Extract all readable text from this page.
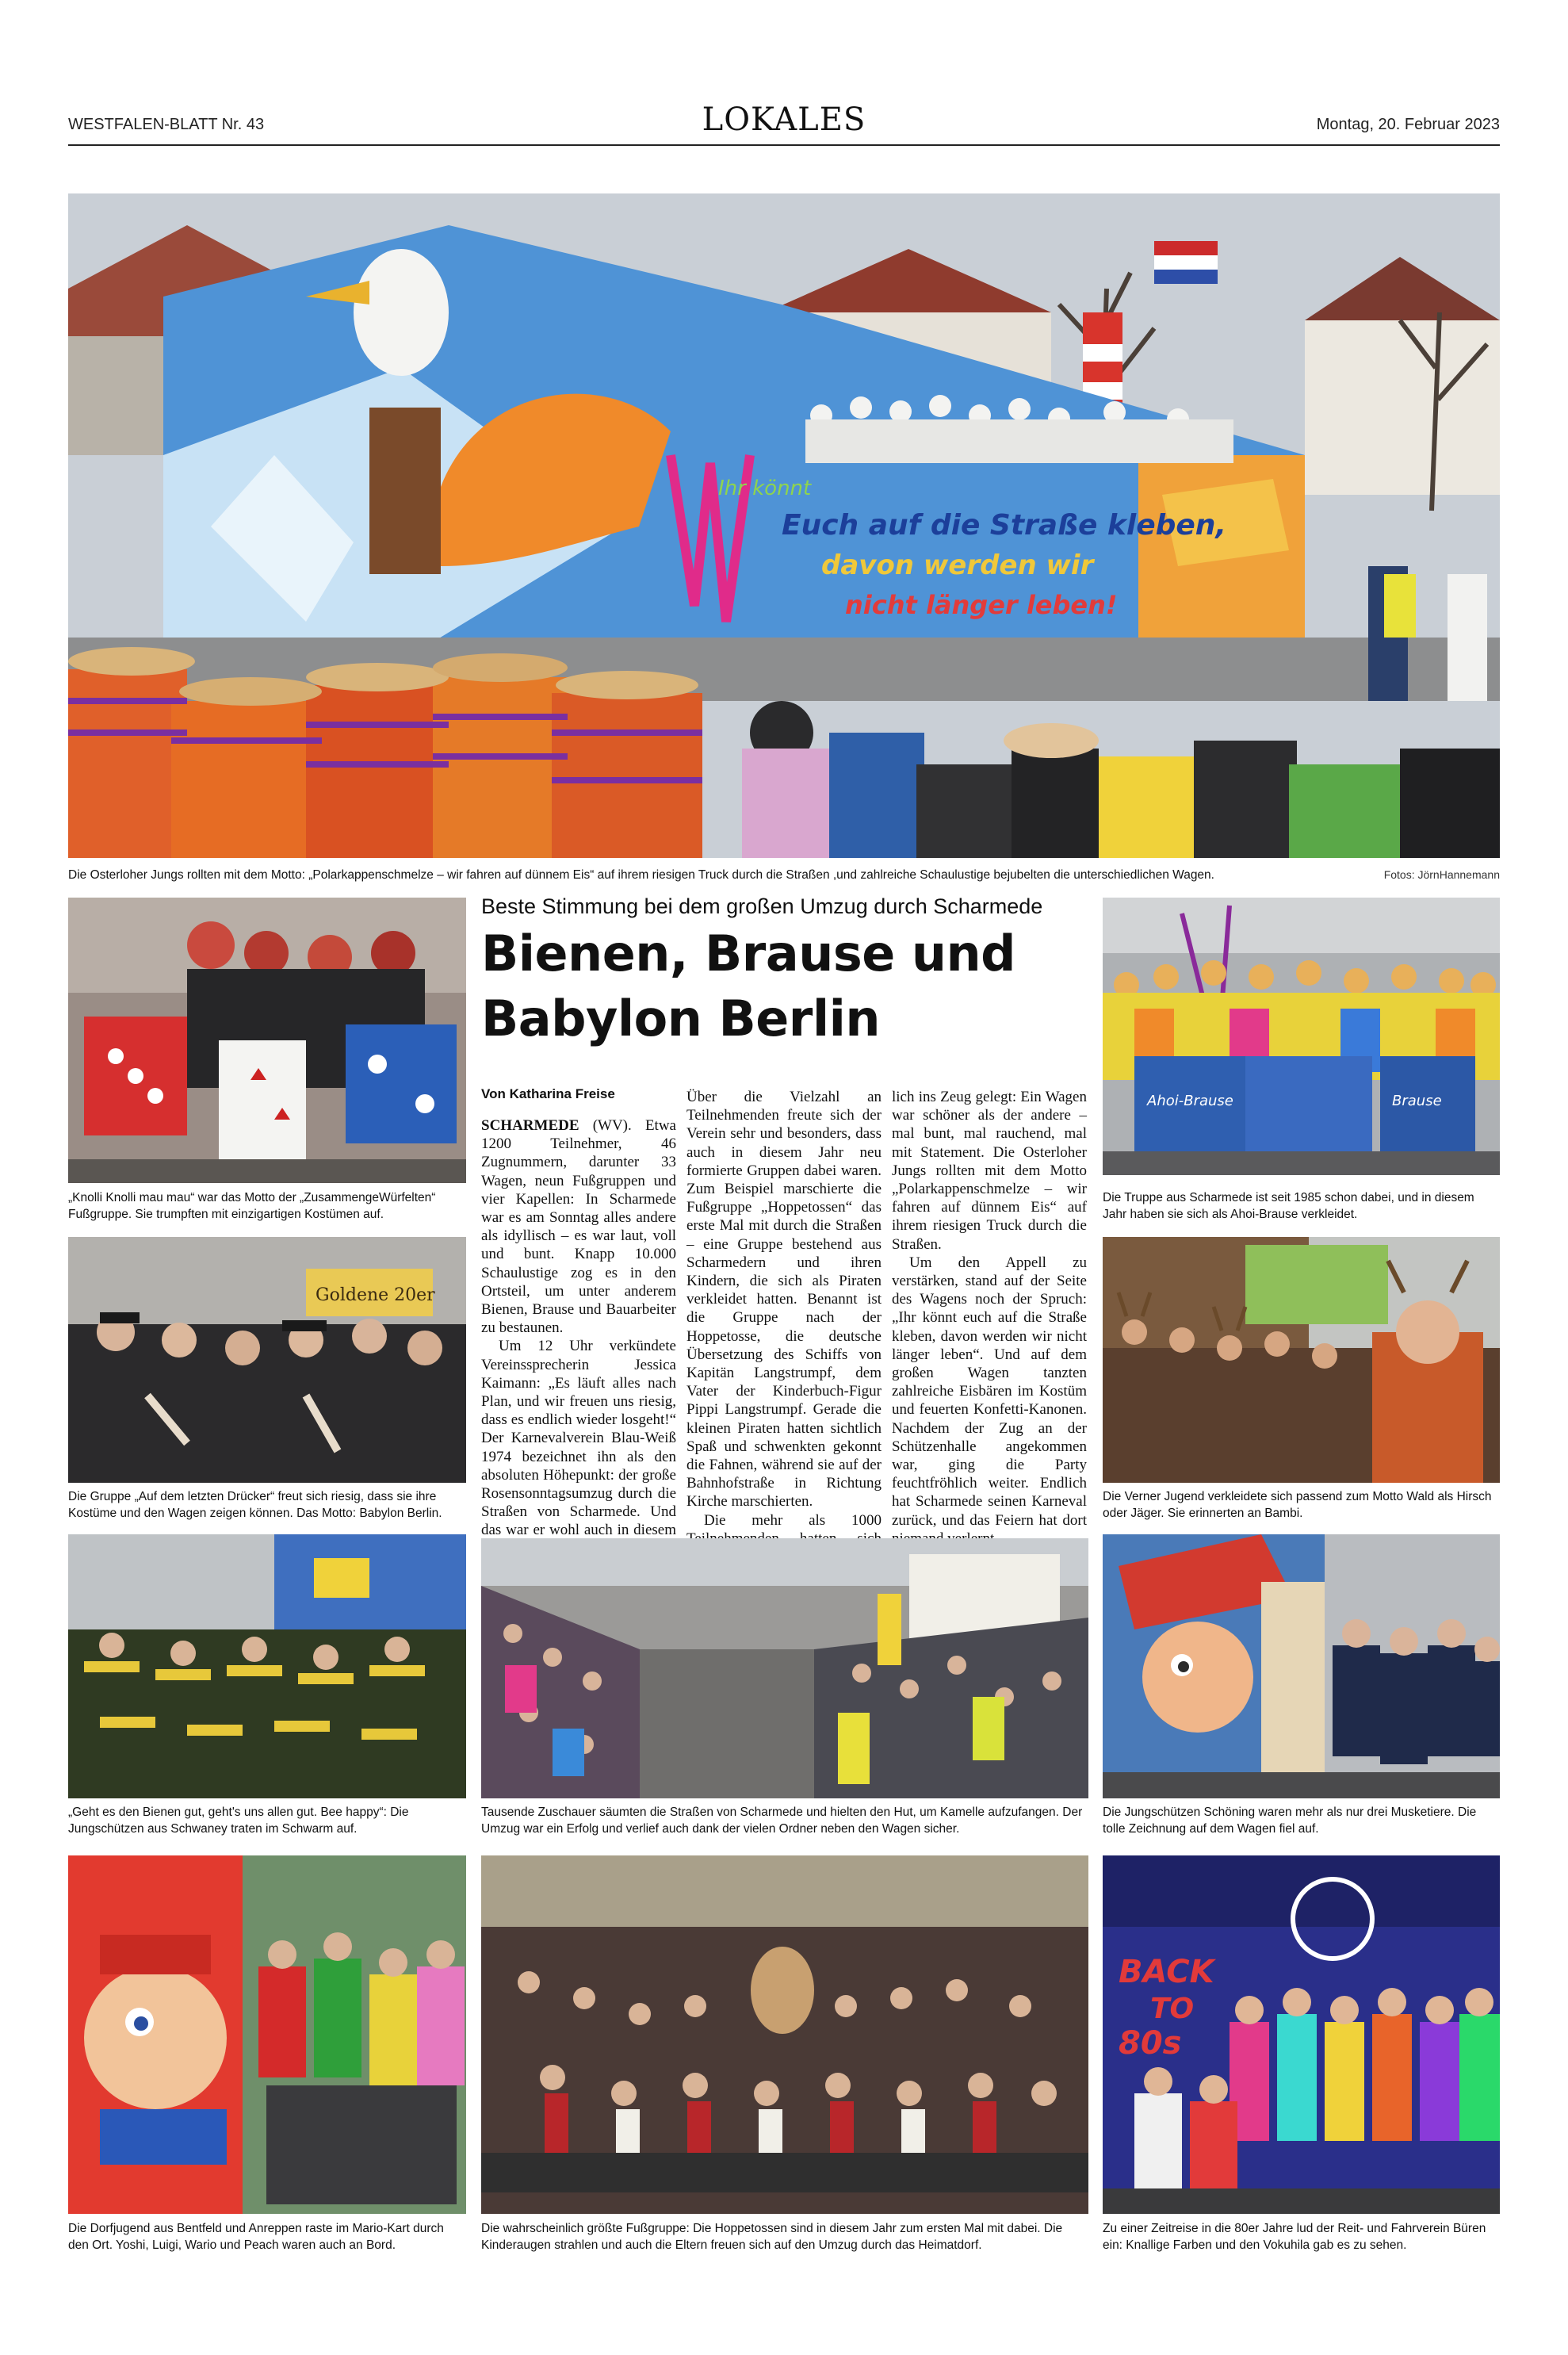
WESTFALEN-BLATT Nr. 43	LOKALES	Montag, 20. Februar 2023
Ihr könnt
Euch auf die Straße kleben,
davon werden wir
nicht länger leben!
Die Osterloher Jungs rollten mit dem Motto: „Polarkappenschmelze – wir fahren auf dünnem Eis“ auf ihrem riesigen Truck durch die Straßen ,und zahlreiche Schaulustige bejubelten die unterschiedlichen Wagen.	Fotos: JörnHannemann
„Knolli Knolli mau mau“ war das Motto der „ZusammengeWürfelten“ Fußgruppe. Sie trumpften mit einzigartigen Kostümen auf.
Goldene 20er
Die Gruppe „Auf dem letzten Drücker“ freut sich riesig, dass sie ihre Kostüme und den Wagen zeigen können. Das Motto: Babylon Berlin.
„Geht es den Bienen gut, geht's uns allen gut. Bee happy“: Die Jungschützen aus Schwaney traten im Schwarm auf.
Die Dorfjugend aus Bentfeld und Anreppen raste im Mario-Kart durch den Ort. Yoshi, Luigi, Wario und Peach waren auch an Bord.
Beste Stimmung bei dem großen Umzug durch Scharmede
Bienen, Brause und Babylon Berlin
Von Katharina Freise

SCHARMEDE (WV). Etwa 1200 Teilnehmer, 46 Zugnummern, darunter 33 Wagen, neun Fußgruppen und vier Kapellen: In Scharmede war es am Sonntag alles andere als idyllisch – es war laut, voll und bunt. Knapp 10.000 Schaulustige zog es in den Ortsteil, um unter anderem Bienen, Brause und Bauarbeiter zu bestaunen.

Um 12 Uhr verkündete Vereinssprecherin Jessica Kaimann: „Es läuft alles nach Plan, und wir freuen uns riesig, dass es endlich wieder losgeht!“ Der Karnevalverein Blau-Weiß 1974 bezeichnet ihn als den absoluten Höhepunkt: der große Rosensonntagsumzug durch die Straßen von Scharmede. Und das war er wohl auch in diesem

Über die Vielzahl an Teilnehmenden freute sich der Verein sehr und besonders, dass auch in diesem Jahr neu formierte Gruppen dabei waren. Zum Beispiel marschierte die Fußgruppe „Hoppetossen“ das erste Mal mit durch die Straßen – eine Gruppe bestehend aus Scharmedern und ihren Kindern, die sich als Piraten verkleidet hatten. Benannt ist die Gruppe nach der Hoppetosse, die deutsche Übersetzung des Schiffs von Kapitän Langstrumpf, dem Vater der Kinderbuch-Figur Pippi Langstrumpf. Gerade die kleinen Piraten hatten sichtlich Spaß und schwenkten gekonnt die Fahnen, während sie auf der Bahnhofstraße in Richtung Kirche marschierten.

Die mehr als 1000

lich ins Zeug gelegt: Ein Wagen war schöner als der andere – mal bunt, mal rauchend, mal mit Statement. Die Osterloher Jungs rollten mit dem Motto „Polarkappenschmelze – wir fahren auf dünnem Eis“ auf ihrem riesigen Truck durch die Straßen.

Um den Appell zu verstärken, stand auf der Seite des Wagens noch der Spruch: „Ihr könnt euch auf die Straße kleben, davon werden wir nicht länger leben“. Und auf dem großen Wagen tanzten zahlreiche Eisbären im Kostüm und feuerten Konfetti-Kanonen. Nachdem der Zug an der Schützenhalle angekommen war, ging die Party feuchtfröhlich weiter. Endlich hat Scharmede seinen Karneval zurück, und das Feiern hat dort

Tausende Zuschauer säumten die Straßen von Scharmede und hielten den Hut, um Kamelle aufzufangen. Der Umzug war ein Erfolg und verlief auch dank der vielen Ordner neben den Wagen sicher.
Die wahrscheinlich größte Fußgruppe: Die Hoppetossen sind in diesem Jahr zum ersten Mal mit dabei. Die Kinderaugen strahlen und auch die Eltern freuen sich auf den Umzug durch das Heimatdorf.
Ahoi-Brause	Brause
Die Truppe aus Scharmede ist seit 1985 schon dabei, und in diesem Jahr haben sie sich als Ahoi-Brause verkleidet.
Die Verner Jugend verkleidete sich passend zum Motto Wald als Hirsch oder Jäger. Sie erinnerten an Bambi.
Die Jungschützen Schöning waren mehr als nur drei Musketiere. Die tolle Zeichnung auf dem Wagen fiel auf.
BACK
TO
80s
Zu einer Zeitreise in die 80er Jahre lud der Reit- und Fahrverein Büren ein: Knallige Farben und den Vokuhila gab es zu sehen.
